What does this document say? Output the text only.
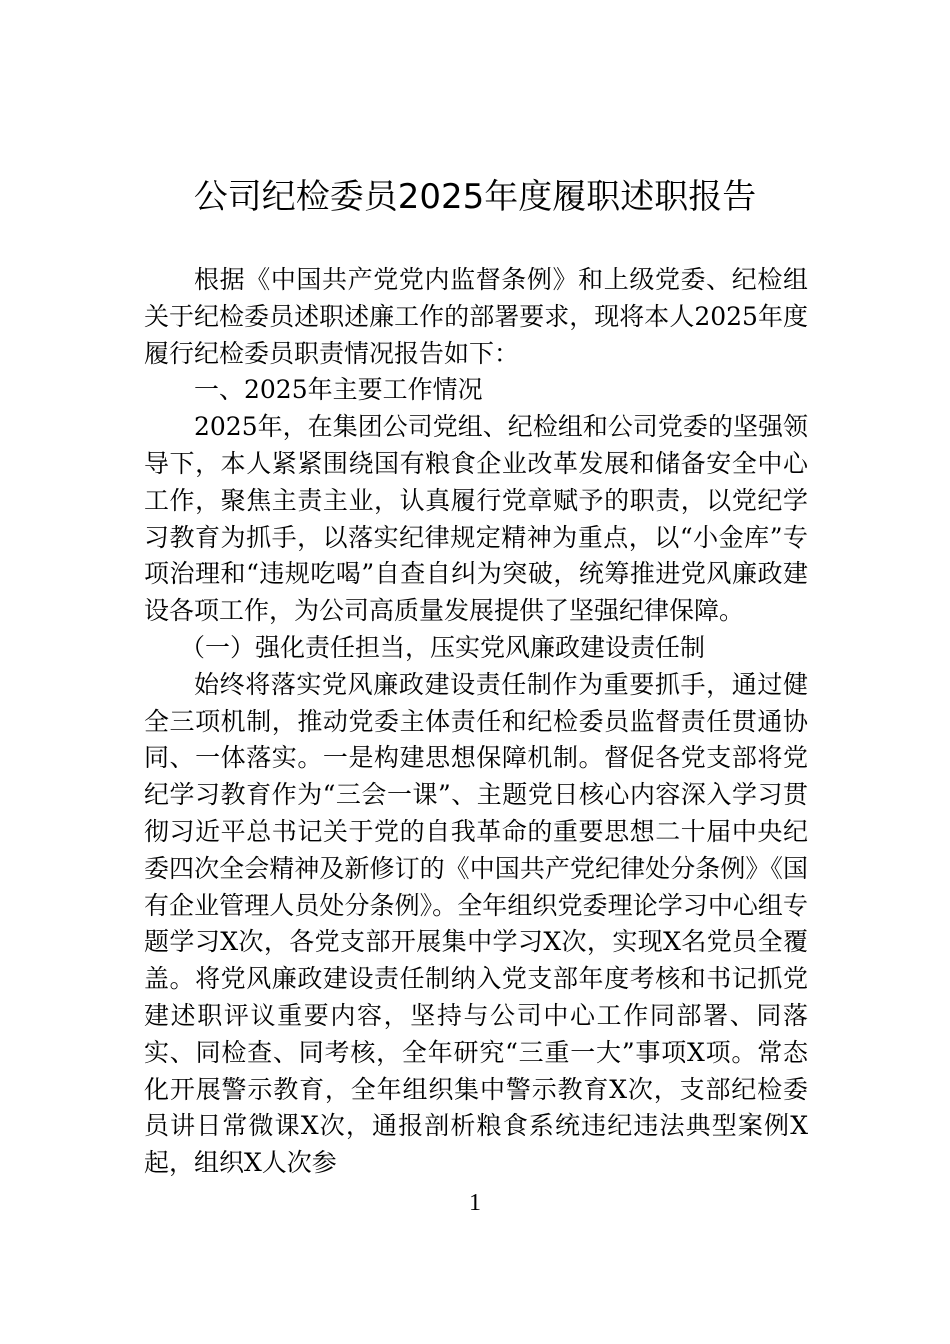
公司纪检委员2025年度履职述职报告

根据《中国共产党党内监督条例》和上级党委、纪检组关于纪检委员述职述廉工作的部署要求，现将本人2025年度履行纪检委员职责情况报告如下：

一、2025年主要工作情况

2025年，在集团公司党组、纪检组和公司党委的坚强领导下，本人紧紧围绕国有粮食企业改革发展和储备安全中心工作，聚焦主责主业，认真履行党章赋予的职责，以党纪学习教育为抓手，以落实纪律规定精神为重点，以“小金库”专项治理和“违规吃喝”自查自纠为突破，统筹推进党风廉政建设各项工作，为公司高质量发展提供了坚强纪律保障。

（一）强化责任担当，压实党风廉政建设责任制

始终将落实党风廉政建设责任制作为重要抓手，通过健全三项机制，推动党委主体责任和纪检委员监督责任贯通协同、一体落实。一是构建思想保障机制。督促各党支部将党纪学习教育作为“三会一课”、主题党日核心内容深入学习贯彻习近平总书记关于党的自我革命的重要思想二十届中央纪委四次全会精神及新修订的《中国共产党纪律处分条例》《国有企业管理人员处分条例》。全年组织党委理论学习中心组专题学习X次，各党支部开展集中学习X次，实现X名党员全覆盖。将党风廉政建设责任制纳入党支部年度考核和书记抓党建述职评议重要内容，坚持与公司中心工作同部署、同落实、同检查、同考核，全年研究“三重一大”事项X项。常态化开展警示教育，全年组织集中警示教育X次，支部纪检委员讲日常微课X次，通报剖析粮食系统违纪违法典型案例X起，组织X人次参

1
